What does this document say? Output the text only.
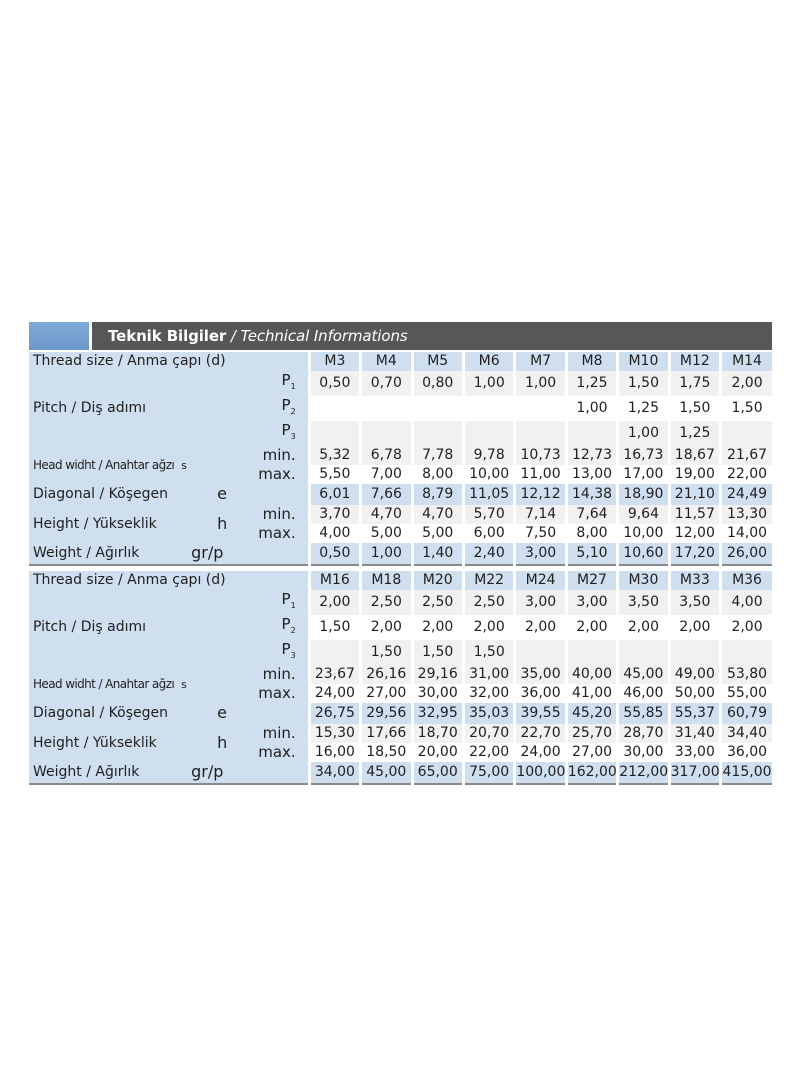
Teknik Bilgiler / Technical Informations
Thread size / Anma çapı (d)			M3	M4	M5	M6	M7	M8	M10	M12	M14
Pitch / Diş adımı		$P_1$	0,50	0,70	0,80	1,00	1,00	1,25	1,50	1,75	2,00
		$P_2$						1,00	1,25	1,50	1,50
		$P_3$							1,00	1,25	
Head widht / Anahtar ağzı	s	min.	5,32	6,78	7,78	9,78	10,73	12,73	16,73	18,67	21,67
		max.	5,50	7,00	8,00	10,00	11,00	13,00	17,00	19,00	22,00
Diagonal / Köşegen	e		6,01	7,66	8,79	11,05	12,12	14,38	18,90	21,10	24,49
Height / Yükseklik	h	min.	3,70	4,70	4,70	5,70	7,14	7,64	9,64	11,57	13,30
		max.	4,00	5,00	5,00	6,00	7,50	8,00	10,00	12,00	14,00
Weight / Ağırlık	gr/p		0,50	1,00	1,40	2,40	3,00	5,10	10,60	17,20	26,00
Thread size / Anma çapı (d)			M16	M18	M20	M22	M24	M27	M30	M33	M36
Pitch / Diş adımı		$P_1$	2,00	2,50	2,50	2,50	3,00	3,00	3,50	3,50	4,00
		$P_2$	1,50	2,00	2,00	2,00	2,00	2,00	2,00	2,00	2,00
		$P_3$		1,50	1,50	1,50					
Head widht / Anahtar ağzı	s	min.	23,67	26,16	29,16	31,00	35,00	40,00	45,00	49,00	53,80
		max.	24,00	27,00	30,00	32,00	36,00	41,00	46,00	50,00	55,00
Diagonal / Köşegen	e		26,75	29,56	32,95	35,03	39,55	45,20	55,85	55,37	60,79
Height / Yükseklik	h	min.	15,30	17,66	18,70	20,70	22,70	25,70	28,70	31,40	34,40
		max.	16,00	18,50	20,00	22,00	24,00	27,00	30,00	33,00	36,00
Weight / Ağırlık	gr/p		34,00	45,00	65,00	75,00	100,00	162,00	212,00	317,00	415,00
